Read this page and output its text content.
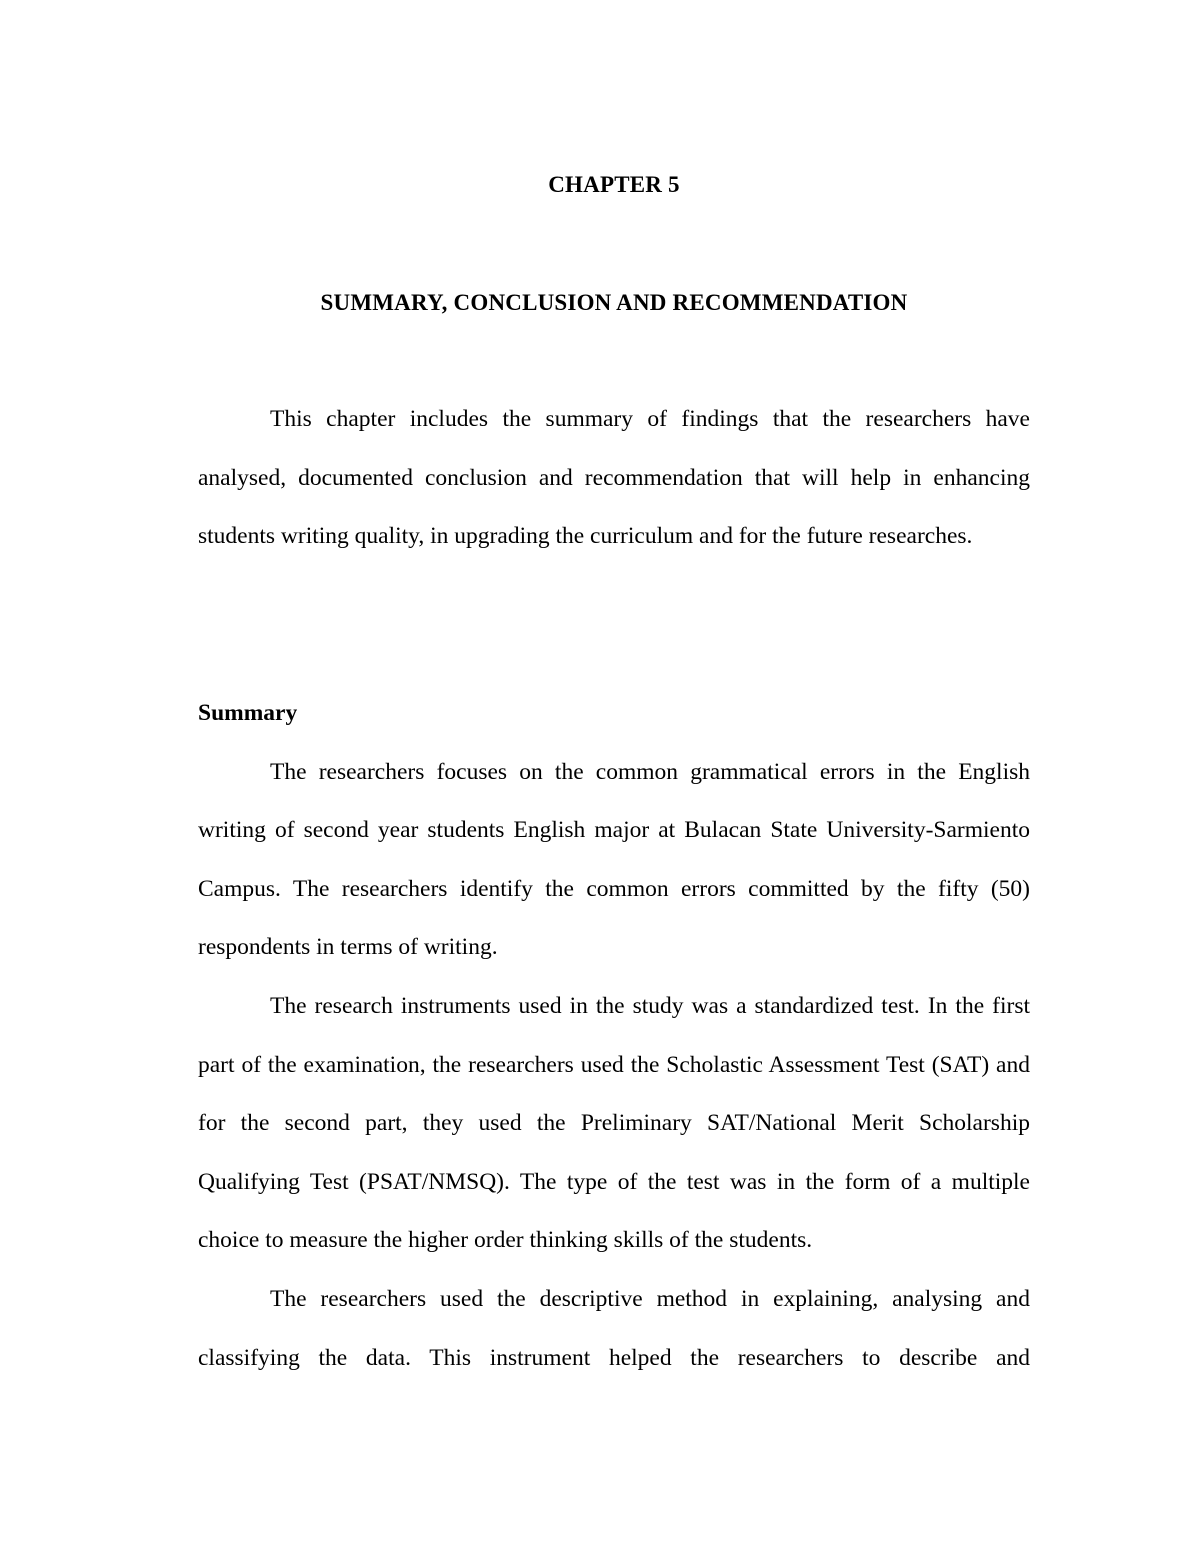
CHAPTER 5
SUMMARY, CONCLUSION AND RECOMMENDATION

This chapter includes the summary of findings that the researchers have analysed, documented conclusion and recommendation that will help in enhancing students writing quality, in upgrading the curriculum and for the future researches.

Summary

The researchers focuses on the common grammatical errors in the English writing of second year students English major at Bulacan State University-Sarmiento Campus. The researchers identify the common errors committed by the fifty (50) respondents in terms of writing.

The research instruments used in the study was a standardized test. In the first part of the examination, the researchers used the Scholastic Assessment Test (SAT) and for the second part, they used the Preliminary SAT/National Merit Scholarship Qualifying Test (PSAT/NMSQ). The type of the test was in the form of a multiple choice to measure the higher order thinking skills of the students.

The researchers used the descriptive method in explaining, analysing and classifying the data. This instrument helped the researchers to describe and
